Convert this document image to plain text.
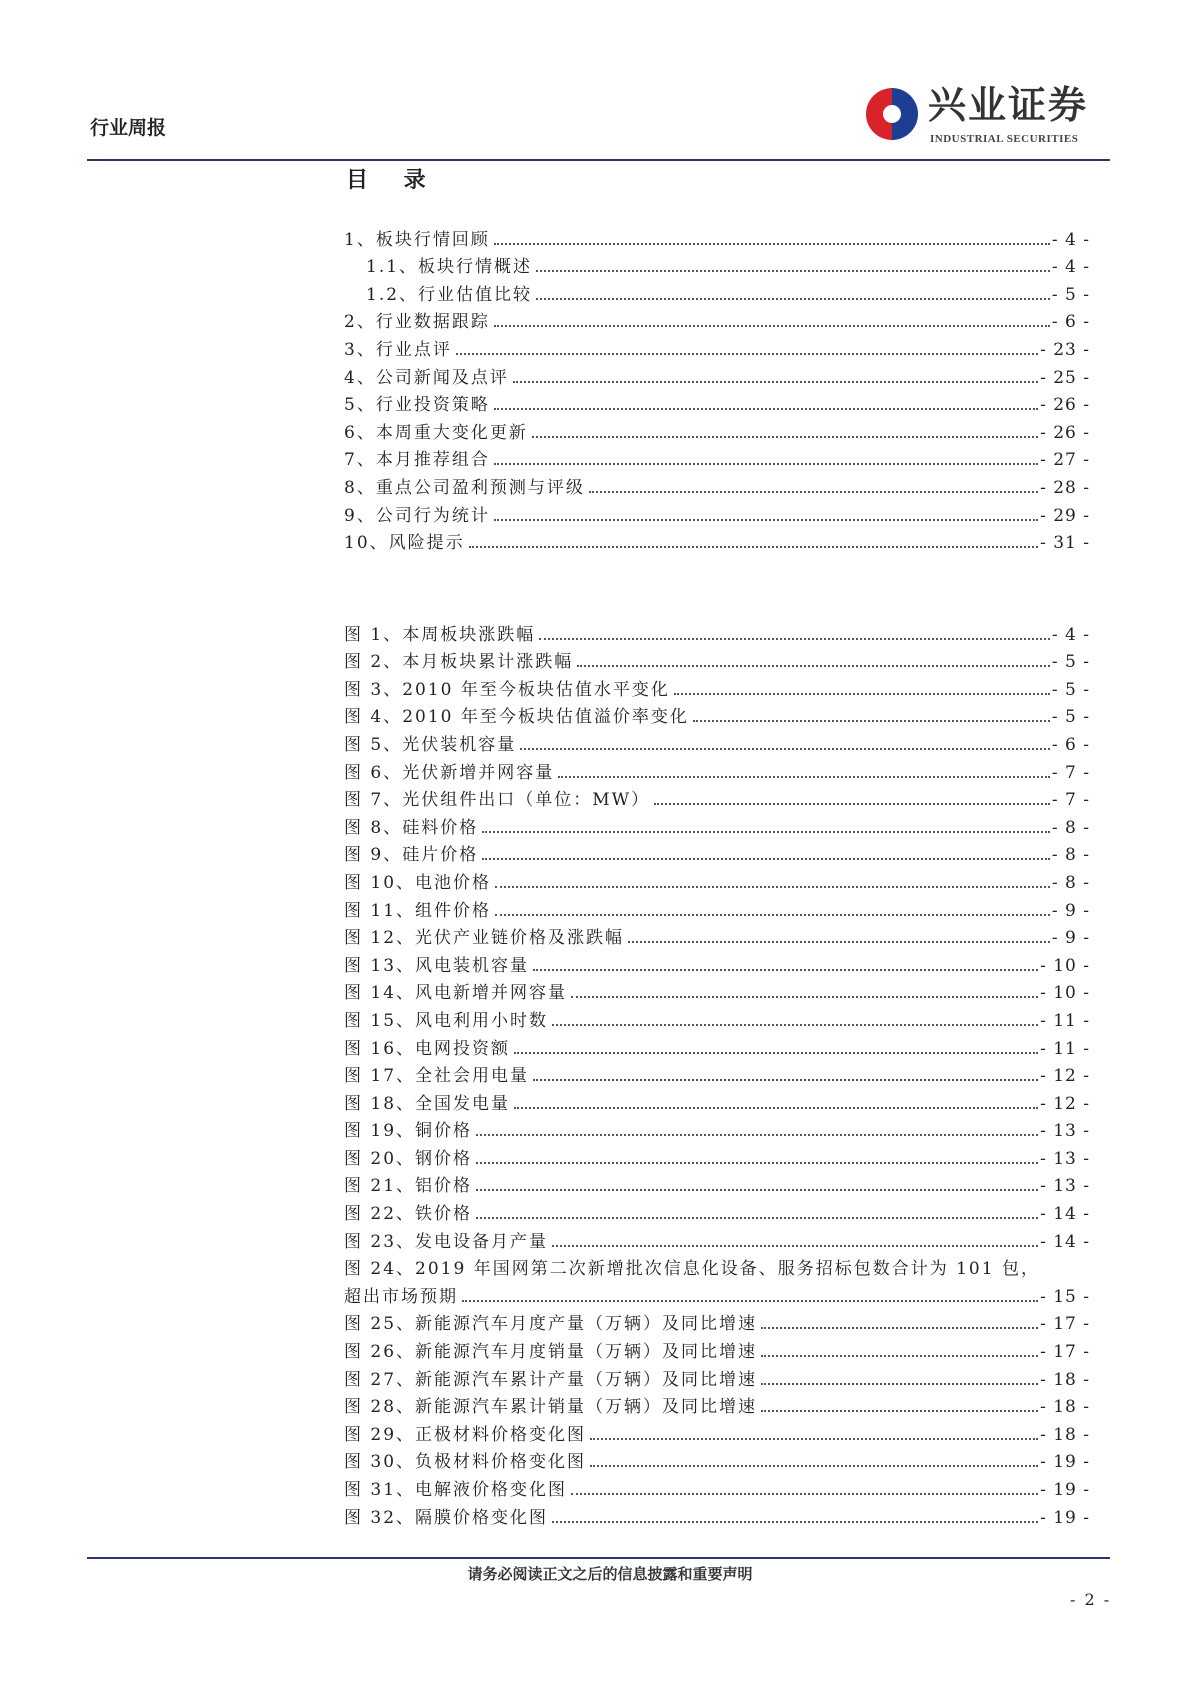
行业周报
兴业证券
INDUSTRIAL SECURITIES
目 录
1、板块行情回顾	- 4 -
1.1、板块行情概述	- 4 -
1.2、行业估值比较	- 5 -
2、行业数据跟踪	- 6 -
3、行业点评	- 23 -
4、公司新闻及点评	- 25 -
5、行业投资策略	- 26 -
6、本周重大变化更新	- 26 -
7、本月推荐组合	- 27 -
8、重点公司盈利预测与评级	- 28 -
9、公司行为统计	- 29 -
10、风险提示	- 31 -
图 1、本周板块涨跌幅	- 4 -
图 2、本月板块累计涨跌幅	- 5 -
图 3、2010 年至今板块估值水平变化	- 5 -
图 4、2010 年至今板块估值溢价率变化	- 5 -
图 5、光伏装机容量	- 6 -
图 6、光伏新增并网容量	- 7 -
图 7、光伏组件出口（单位：MW）	- 7 -
图 8、硅料价格	- 8 -
图 9、硅片价格	- 8 -
图 10、电池价格	- 8 -
图 11、组件价格	- 9 -
图 12、光伏产业链价格及涨跌幅	- 9 -
图 13、风电装机容量	- 10 -
图 14、风电新增并网容量	- 10 -
图 15、风电利用小时数	- 11 -
图 16、电网投资额	- 11 -
图 17、全社会用电量	- 12 -
图 18、全国发电量	- 12 -
图 19、铜价格	- 13 -
图 20、钢价格	- 13 -
图 21、铝价格	- 13 -
图 22、铁价格	- 14 -
图 23、发电设备月产量	- 14 -
图 24、2019 年国网第二次新增批次信息化设备、服务招标包数合计为 101 包，
超出市场预期	- 15 -
图 25、新能源汽车月度产量（万辆）及同比增速	- 17 -
图 26、新能源汽车月度销量（万辆）及同比增速	- 17 -
图 27、新能源汽车累计产量（万辆）及同比增速	- 18 -
图 28、新能源汽车累计销量（万辆）及同比增速	- 18 -
图 29、正极材料价格变化图	- 18 -
图 30、负极材料价格变化图	- 19 -
图 31、电解液价格变化图	- 19 -
图 32、隔膜价格变化图	- 19 -
请务必阅读正文之后的信息披露和重要声明
- 2 -
